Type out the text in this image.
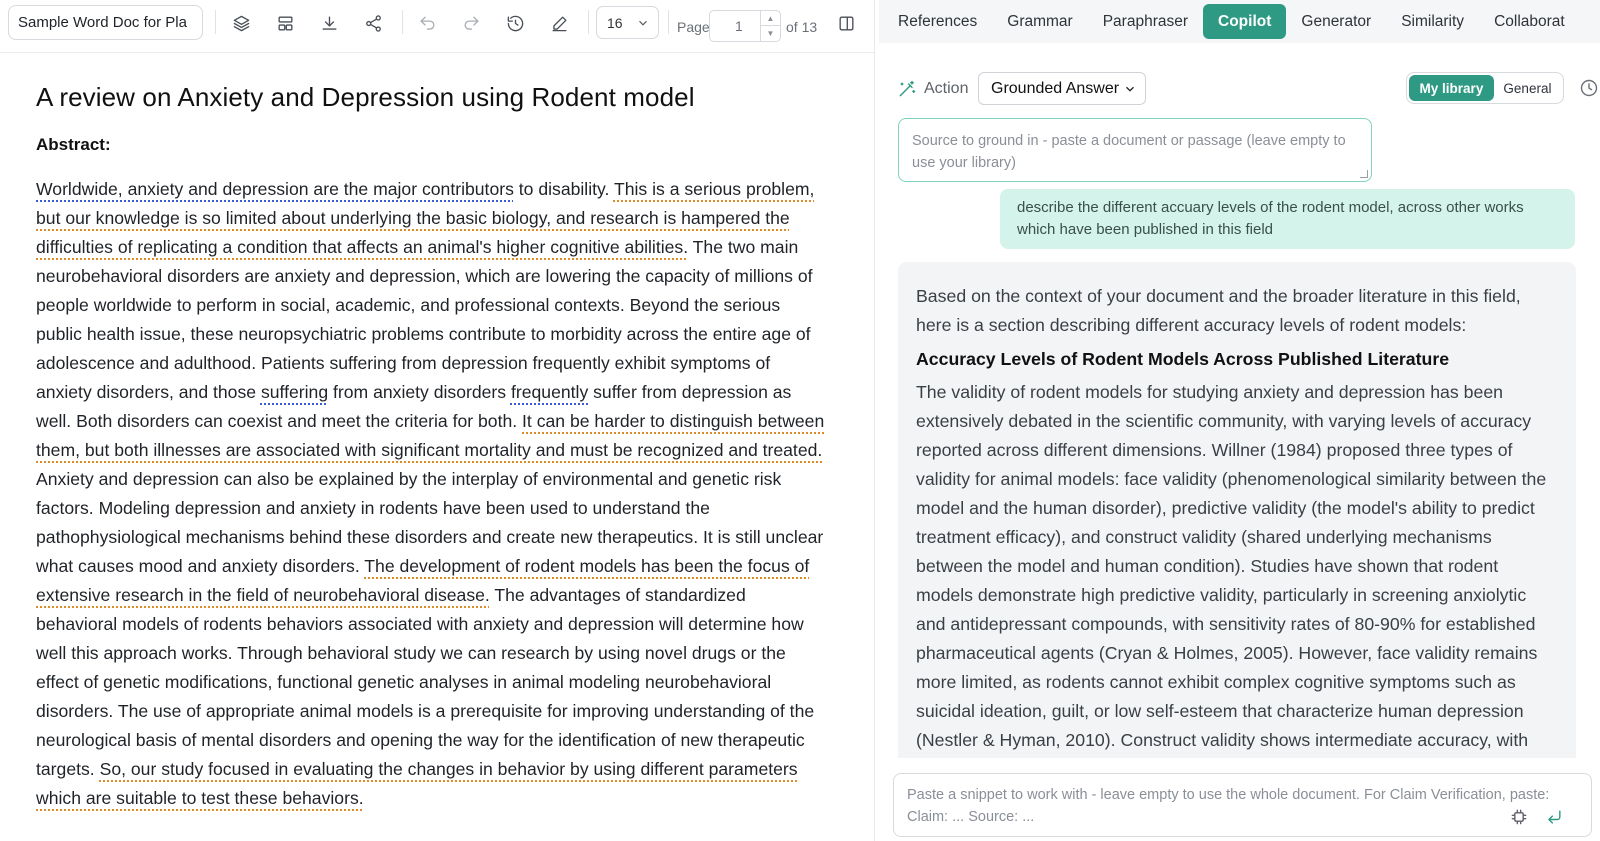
Sample Word Doc for Pla	16	Page 1	▲
▼ of 13
A review on Anxiety and Depression using Rodent model
Abstract:
Worldwide, anxiety and depression are the major contributors to disability. This is a serious problem, but our knowledge is so limited about underlying the basic biology, and research is hampered the difficulties of replicating a condition that affects an animal's higher cognitive abilities. The two main neurobehavioral disorders are anxiety and depression, which are lowering the capacity of millions of people worldwide to perform in social, academic, and professional contexts. Beyond the serious public health issue, these neuropsychiatric problems contribute to morbidity across the entire age of adolescence and adulthood. Patients suffering from depression frequently exhibit symptoms of anxiety disorders, and those suffering from anxiety disorders frequently suffer from depression as well. Both disorders can coexist and meet the criteria for both. It can be harder to distinguish between them, but both illnesses are associated with significant mortality and must be recognized and treated. Anxiety and depression can also be explained by the interplay of environmental and genetic risk factors. Modeling depression and anxiety in rodents have been used to understand the pathophysiological mechanisms behind these disorders and create new therapeutics. It is still unclear what causes mood and anxiety disorders. The development of rodent models has been the focus of extensive research in the field of neurobehavioral disease. The advantages of standardized behavioral models of rodents behaviors associated with anxiety and depression will determine how well this approach works. Through behavioral study we can research by using novel drugs or the effect of genetic modifications, functional genetic analyses in animal modeling neurobehavioral disorders. The use of appropriate animal models is a prerequisite for improving understanding of the neurological basis of mental disorders and opening the way for the identification of new therapeutic targets. So, our study focused in evaluating the changes in behavior by using different parameters which are suitable to test these behaviors.
References	Grammar	Paraphraser	Copilot	Generator	Similarity	Collaborat
Action Grounded Answer	My library	General
Source to ground in - paste a document or passage (leave empty to use your library)
describe the different accuary levels of the rodent model, across other works which have been published in this field

Based on the context of your document and the broader literature in this field, here is a section describing different accuracy levels of rodent models:

Accuracy Levels of Rodent Models Across Published Literature

The validity of rodent models for studying anxiety and depression has been extensively debated in the scientific community, with varying levels of accuracy reported across different dimensions. Willner (1984) proposed three types of validity for animal models: face validity (phenomenological similarity between the model and the human disorder), predictive validity (the model's ability to predict treatment efficacy), and construct validity (shared underlying mechanisms between the model and human condition). Studies have shown that rodent models demonstrate high predictive validity, particularly in screening anxiolytic and antidepressant compounds, with sensitivity rates of 80-90% for established pharmaceutical agents (Cryan & Holmes, 2005). However, face validity remains more limited, as rodents cannot exhibit complex cognitive symptoms such as suicidal ideation, guilt, or low self-esteem that characterize human depression (Nestler & Hyman, 2010). Construct validity shows intermediate accuracy, with

Paste a snippet to work with - leave empty to use the whole document. For Claim Verification, paste: Claim: ... Source: ...
